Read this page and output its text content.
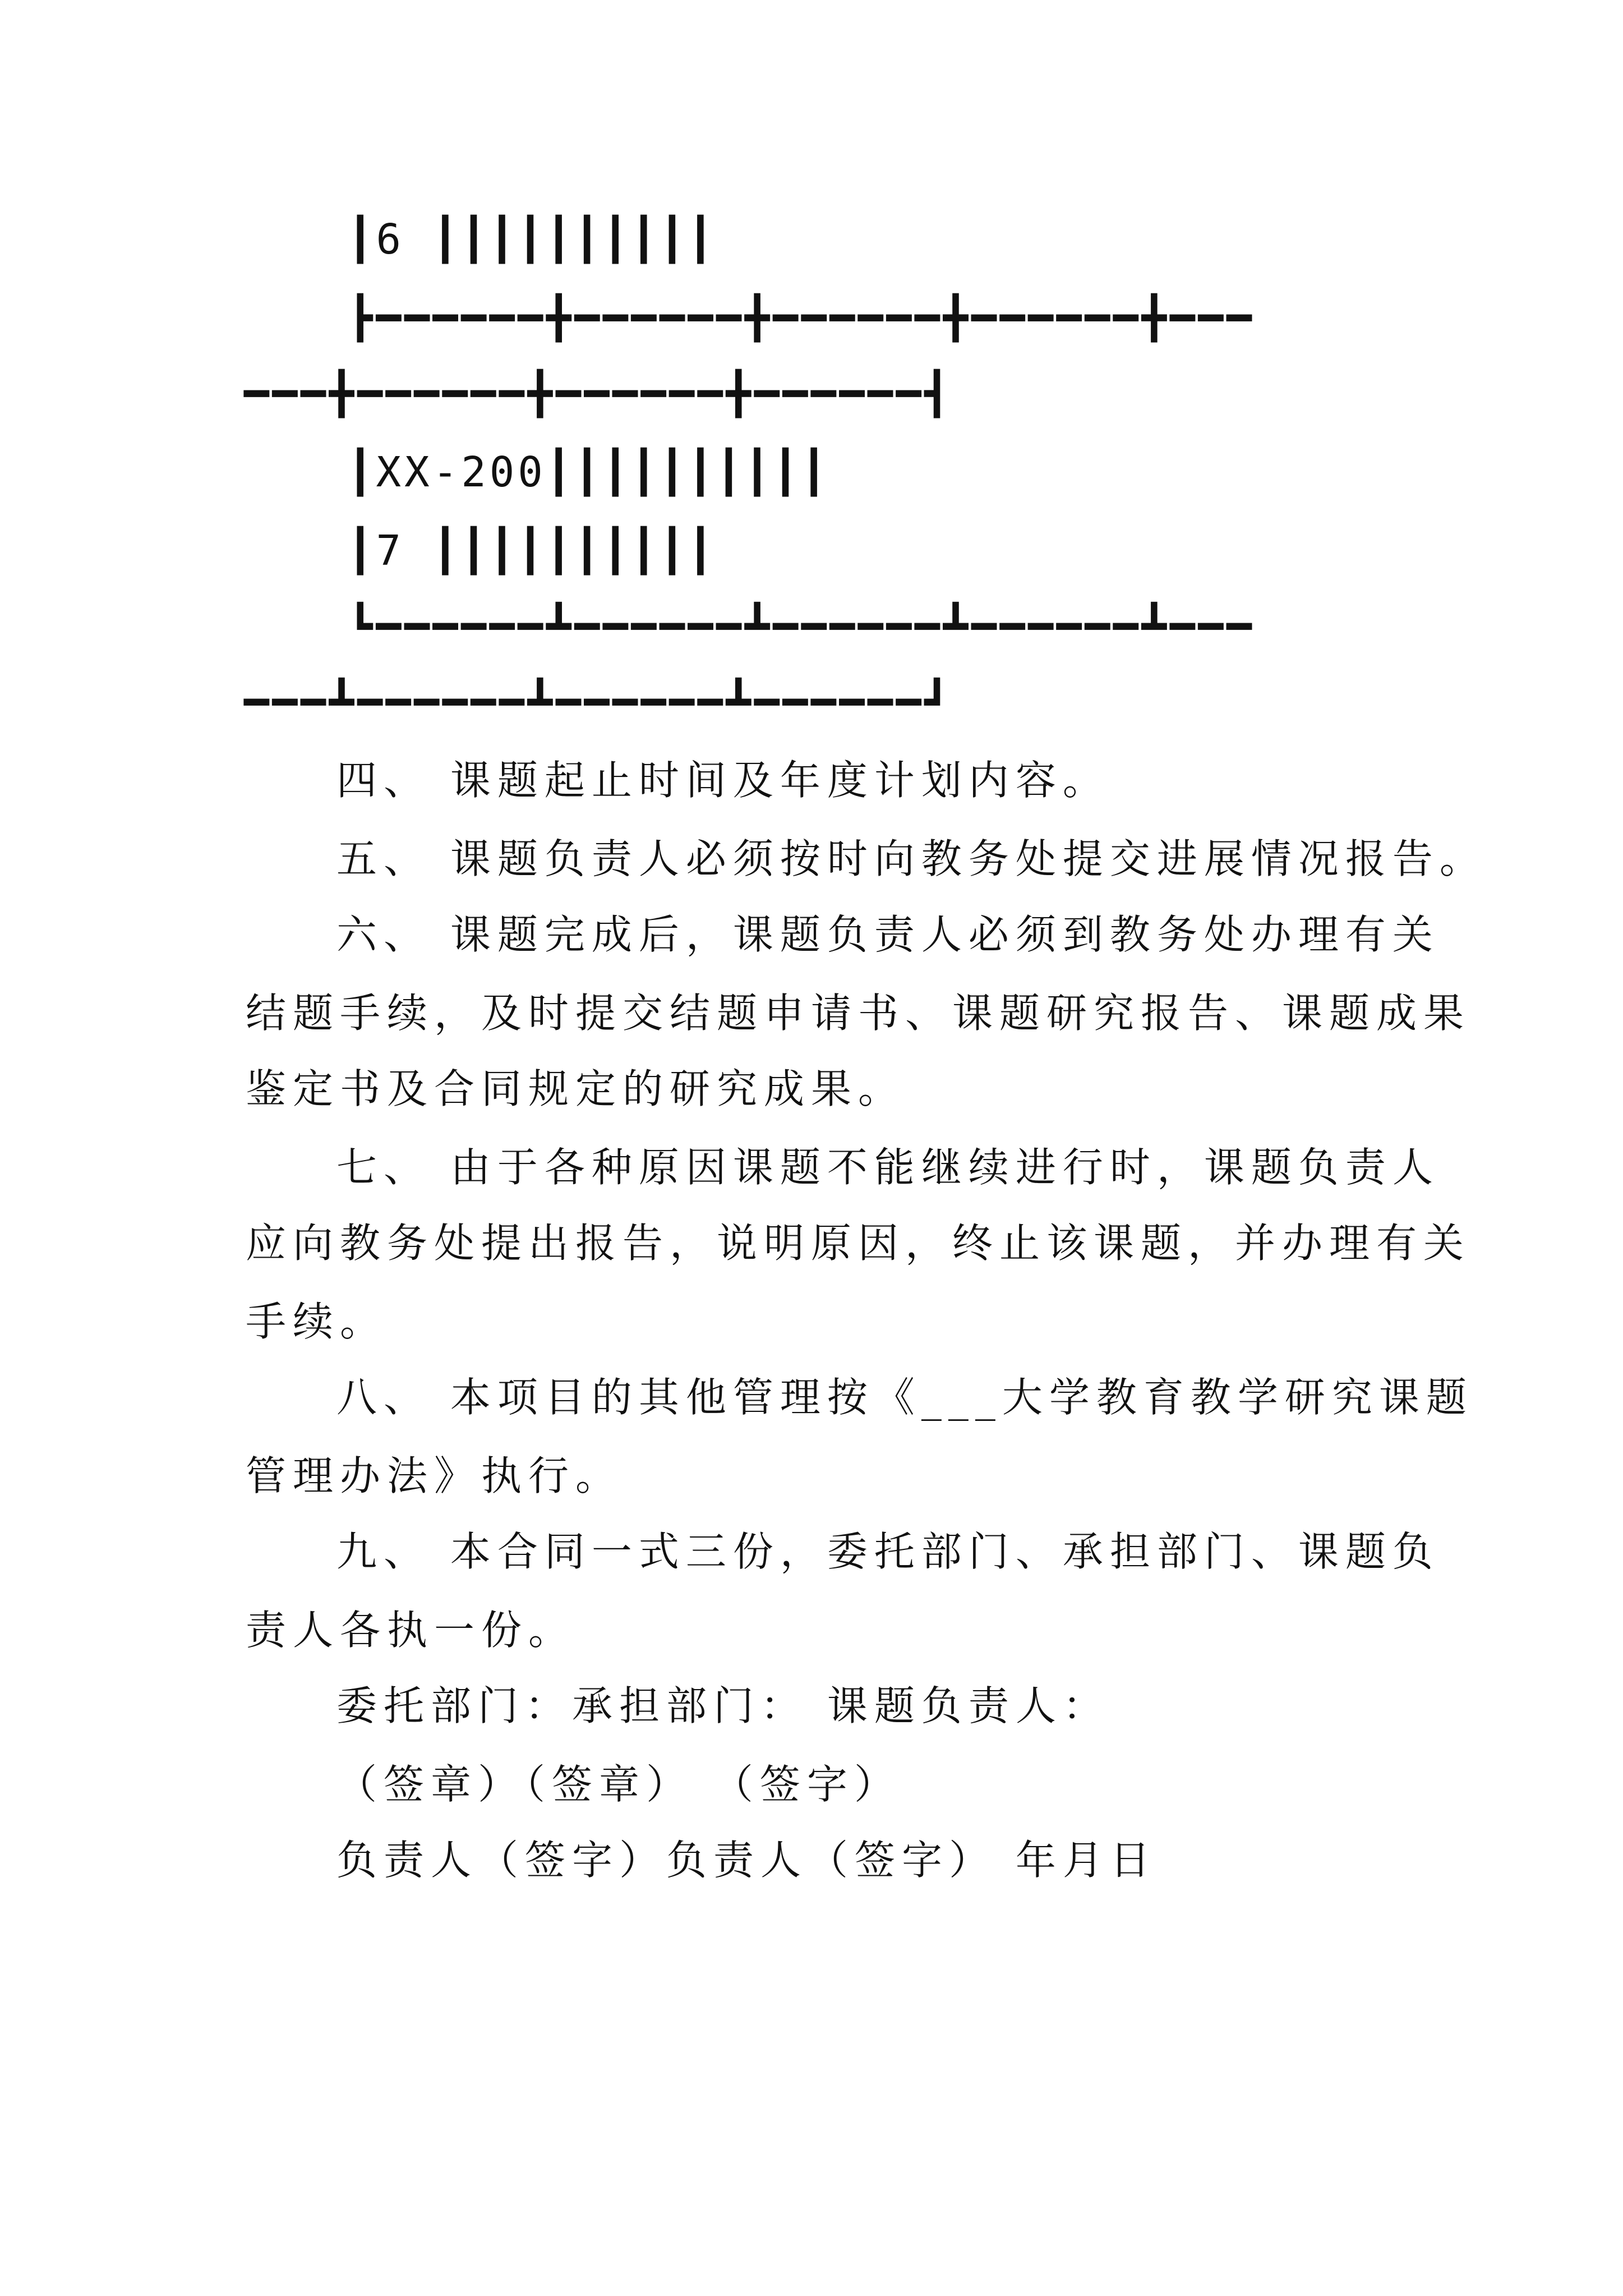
┃6 ┃┃┃┃┃┃┃┃┃┃
┣━━━━━━╋━━━━━━╋━━━━━━╋━━━━━━╋━━━
━━━╋━━━━━━╋━━━━━━╋━━━━━━┫
┃XX-200┃┃┃┃┃┃┃┃┃┃
┃7 ┃┃┃┃┃┃┃┃┃┃
┗━━━━━━┻━━━━━━┻━━━━━━┻━━━━━━┻━━━
━━━┻━━━━━━┻━━━━━━┻━━━━━━┛
四、 课题起止时间及年度计划内容。
五、 课题负责人必须按时向教务处提交进展情况报告。
六、 课题完成后，课题负责人必须到教务处办理有关
结题手续，及时提交结题申请书、课题研究报告、课题成果
鉴定书及合同规定的研究成果。
七、 由于各种原因课题不能继续进行时，课题负责人
应向教务处提出报告，说明原因，终止该课题，并办理有关
手续。
八、 本项目的其他管理按《___大学教育教学研究课题
管理办法》执行。
九、 本合同一式三份，委托部门、承担部门、课题负
责人各执一份。
委托部门：承担部门： 课题负责人：
（签章）（签章） （签字）
负责人（签字）负责人（签字） 年月日
